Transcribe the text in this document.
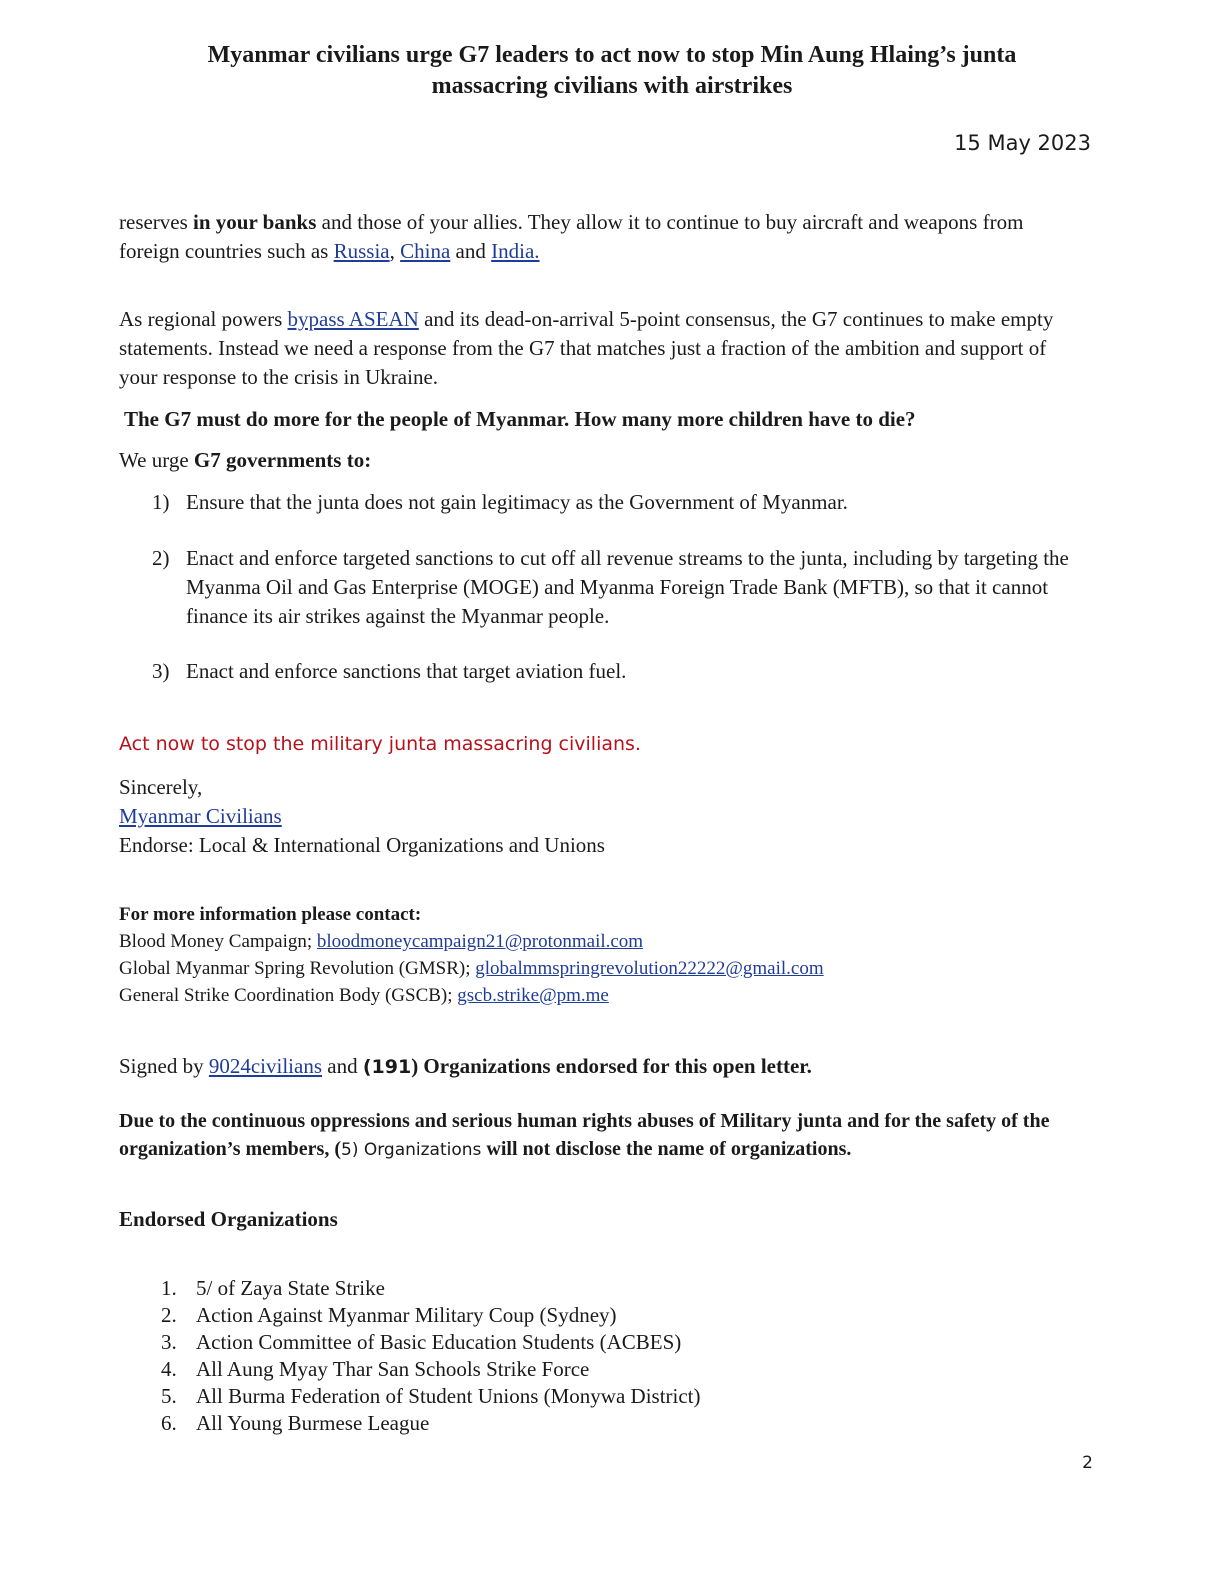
Myanmar civilians urge G7 leaders to act now to stop Min Aung Hlaing’s junta
massacring civilians with airstrikes
15 May 2023
reserves in your banks and those of your allies. They allow it to continue to buy aircraft and weapons from
foreign countries such as Russia, China and India.
As regional powers bypass ASEAN and its dead-on-arrival 5-point consensus, the G7 continues to make empty
statements. Instead we need a response from the G7 that matches just a fraction of the ambition and support of
your response to the crisis in Ukraine.
The G7 must do more for the people of Myanmar. How many more children have to die?
We urge G7 governments to:
1) Ensure that the junta does not gain legitimacy as the Government of Myanmar.
2) Enact and enforce targeted sanctions to cut off all revenue streams to the junta, including by targeting the
Myanma Oil and Gas Enterprise (MOGE) and Myanma Foreign Trade Bank (MFTB), so that it cannot
finance its air strikes against the Myanmar people.
3) Enact and enforce sanctions that target aviation fuel.
Act now to stop the military junta massacring civilians.
Sincerely,
Myanmar Civilians
Endorse: Local & International Organizations and Unions
For more information please contact:
Blood Money Campaign; bloodmoneycampaign21@protonmail.com
Global Myanmar Spring Revolution (GMSR); globalmmspringrevolution22222@gmail.com
General Strike Coordination Body (GSCB); gscb.strike@pm.me
Signed by 9024civilians and (191) Organizations endorsed for this open letter.
Due to the continuous oppressions and serious human rights abuses of Military junta and for the safety of the
organization’s members, (5) Organizations will not disclose the name of organizations.
Endorsed Organizations
1. 5/ of Zaya State Strike
2. Action Against Myanmar Military Coup (Sydney)
3. Action Committee of Basic Education Students (ACBES)
4. All Aung Myay Thar San Schools Strike Force
5. All Burma Federation of Student Unions (Monywa District)
6. All Young Burmese League
2
